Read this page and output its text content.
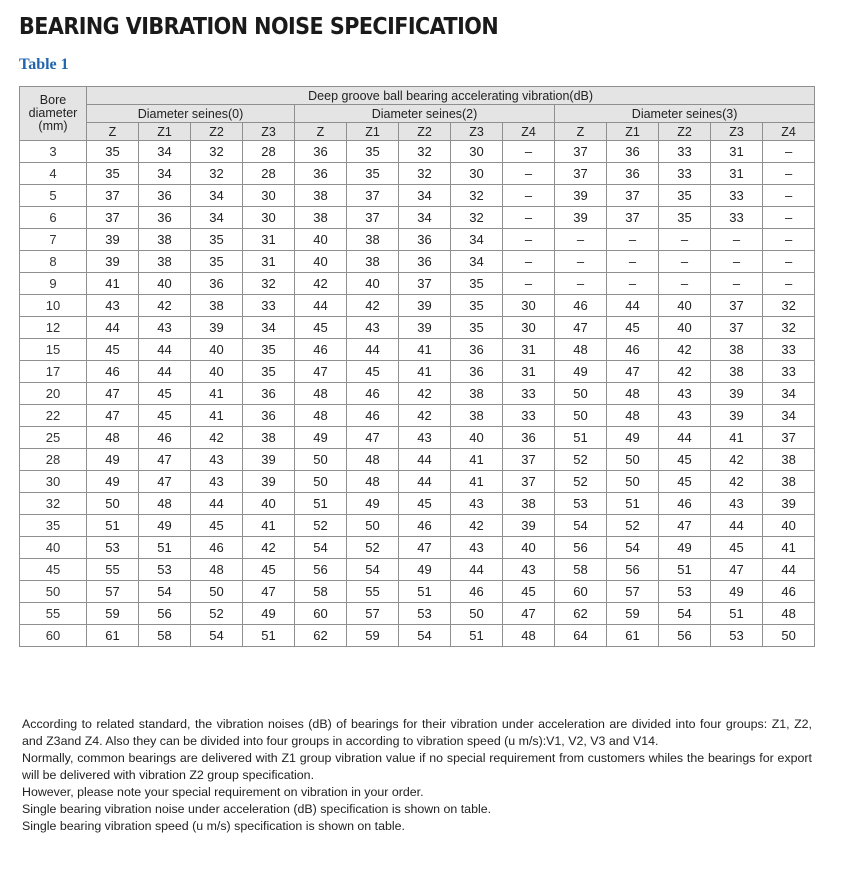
BEARING VIBRATION NOISE SPECIFICATION
Table 1
Bore diameter (mm)	Deep groove ball bearing accelerating vibration(dB)													
	Diameter seines(0)				Diameter seines(2)					Diameter seines(3)				
	Z	Z1	Z2	Z3	Z	Z1	Z2	Z3	Z4	Z	Z1	Z2	Z3	Z4
3	35	34	32	28	36	35	32	30	–	37	36	33	31	–
4	35	34	32	28	36	35	32	30	–	37	36	33	31	–
5	37	36	34	30	38	37	34	32	–	39	37	35	33	–
6	37	36	34	30	38	37	34	32	–	39	37	35	33	–
7	39	38	35	31	40	38	36	34	–	–	–	–	–	–
8	39	38	35	31	40	38	36	34	–	–	–	–	–	–
9	41	40	36	32	42	40	37	35	–	–	–	–	–	–
10	43	42	38	33	44	42	39	35	30	46	44	40	37	32
12	44	43	39	34	45	43	39	35	30	47	45	40	37	32
15	45	44	40	35	46	44	41	36	31	48	46	42	38	33
17	46	44	40	35	47	45	41	36	31	49	47	42	38	33
20	47	45	41	36	48	46	42	38	33	50	48	43	39	34
22	47	45	41	36	48	46	42	38	33	50	48	43	39	34
25	48	46	42	38	49	47	43	40	36	51	49	44	41	37
28	49	47	43	39	50	48	44	41	37	52	50	45	42	38
30	49	47	43	39	50	48	44	41	37	52	50	45	42	38
32	50	48	44	40	51	49	45	43	38	53	51	46	43	39
35	51	49	45	41	52	50	46	42	39	54	52	47	44	40
40	53	51	46	42	54	52	47	43	40	56	54	49	45	41
45	55	53	48	45	56	54	49	44	43	58	56	51	47	44
50	57	54	50	47	58	55	51	46	45	60	57	53	49	46
55	59	56	52	49	60	57	53	50	47	62	59	54	51	48
60	61	58	54	51	62	59	54	51	48	64	61	56	53	50

According to related standard, the vibration noises (dB) of bearings for their vibration under acceleration are divided into four groups: Z1, Z2, and Z3and Z4. Also they can be divided into four groups in according to vibration speed (u m/s):V1, V2, V3 and V14.

Normally, common bearings are delivered with Z1 group vibration value if no special requirement from customers whiles the bearings for export will be delivered with vibration Z2 group specification.

However, please note your special requirement on vibration in your order.

Single bearing vibration noise under acceleration (dB) specification is shown on table.

Single bearing vibration speed (u m/s) specification is shown on table.
